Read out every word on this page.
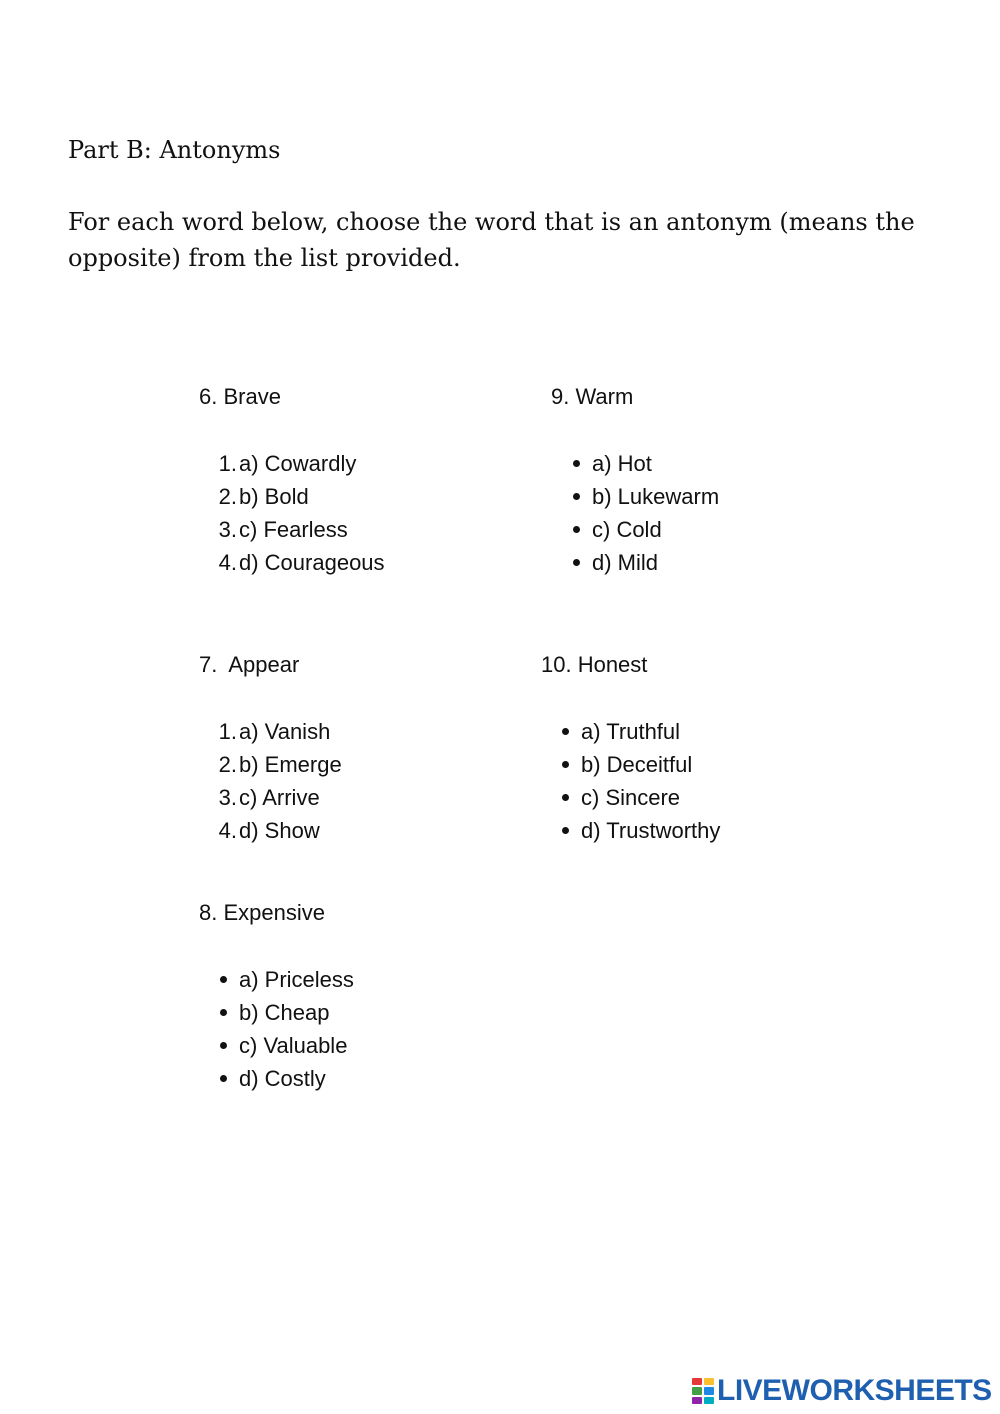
Part B: Antonyms

For each word below, choose the word that is an antonym (means the opposite) from the list provided.

6. Brave
1. a) Cowardly
2. b) Bold
3. c) Fearless
4. d) Courageous
7.  Appear
1. a) Vanish
2. b) Emerge
3. c) Arrive
4. d) Show
8. Expensive
a) Priceless
b) Cheap
c) Valuable
d) Costly
9. Warm
a) Hot
b) Lukewarm
c) Cold
d) Mild
10. Honest
a) Truthful
b) Deceitful
c) Sincere
d) Trustworthy
LIVEWORKSHEETS
